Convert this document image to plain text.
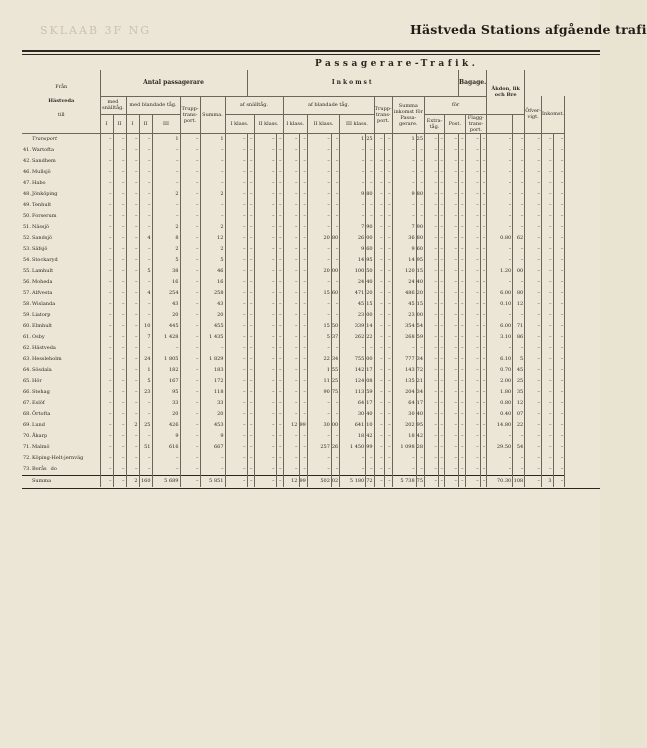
SKLAAB 3F NG	Hästveda Stations afgående trafi
Passagerare-Trafik.
Från
Hästveda
till	Antal passagerare								Inkomst																Bagage.			Åkdon, lik och Bre				
	med snälltåg.		med blandade tåg.			Trupp-trans-port.	Summa.	af snälltåg.				af blandade tåg.						Trupp-trans-port.		Summa inkomst för Passa-gerare.		för								Öfver-vigt.	Inkomst.	
	I	II	I	II	III			I klass.		II klass.		I klass.		II klass.		III klass.						Extra-tåg.		Post.		Flagg-trans-port.						
Transport	–	–	–	–	1	–	1	–	–	–	–	–	–	–	–	1	25	–	–	1	25	–	–	–	–	–	–	–	–	–	–	–
41.Wartofta	–	–	–	–	–	–	–	–	–	–	–	–	–	–	–	–	–	–	–	–	–	–	–	–	–	–	–	–	–	–	–	–
42.Sandhem	–	–	–	–	–	–	–	–	–	–	–	–	–	–	–	–	–	–	–	–	–	–	–	–	–	–	–	–	–	–	–	–
46.Mullsjö	–	–	–	–	–	–	–	–	–	–	–	–	–	–	–	–	–	–	–	–	–	–	–	–	–	–	–	–	–	–	–	–
47.Habo	–	–	–	–	–	–	–	–	–	–	–	–	–	–	–	–	–	–	–	–	–	–	–	–	–	–	–	–	–	–	–	–
48.Jönköping	–	–	–	–	2	–	2	–	–	–	–	–	–	–	–	9	80	–	–	9	80	–	–	–	–	–	–	–	–	–	–	–
49.Tenhult	–	–	–	–	–	–	–	–	–	–	–	–	–	–	–	–	–	–	–	–	–	–	–	–	–	–	–	–	–	–	–	–
50.Forserum	–	–	–	–	–	–	–	–	–	–	–	–	–	–	–	–	–	–	–	–	–	–	–	–	–	–	–	–	–	–	–	–
51.Nässjö	–	–	–	–	2	–	2	–	–	–	–	–	–	–	–	7	90	–	–	7	90	–	–	–	–	–	–	–	–	–	–	–
52.Sandsjö	–	–	–	4	8	–	12	–	–	–	–	–	–	20	80	26	00	–	–	36	80	–	–	–	–	–	–	0.80	62	–	–	–
53.Säfsjö	–	–	–	–	2	–	2	–	–	–	–	–	–	–	–	9	60	–	–	9	60	–	–	–	–	–	–	–	–	–	–	–
54.Stockaryd	–	–	–	–	5	–	5	–	–	–	–	–	–	–	–	14	95	–	–	14	95	–	–	–	–	–	–	–	–	–	–	–
55.Lamhult	–	–	–	5	38	–	46	–	–	–	–	–	–	20	00	100	50	–	–	120	15	–	–	–	–	–	–	1.20	00	–	–	–
56.Moheda	–	–	–	–	16	–	16	–	–	–	–	–	–	–	–	24	40	–	–	24	40	–	–	–	–	–	–	–	–	–	–	–
57.Alfvesta	–	–	–	4	254	–	258	–	–	–	–	–	–	15	60	471	20	–	–	486	20	–	–	–	–	–	–	6.00	80	–	–	–
58.Wislanda	–	–	–	–	43	–	43	–	–	–	–	–	–	–	–	45	15	–	–	45	15	–	–	–	–	–	–	0.10	12	–	–	–
59.Liatorp	–	–	–	–	20	–	20	–	–	–	–	–	–	–	–	23	00	–	–	23	00	–	–	–	–	–	–	–	–	–	–	–
60.Elmhult	–	–	–	10	445	–	455	–	–	–	–	–	–	15	50	339	14	–	–	354	54	–	–	–	–	–	–	6.00	71	–	–	–
61.Osby	–	–	–	7	1 428	–	1 435	–	–	–	–	–	–	5	37	262	22	–	–	268	59	–	–	–	–	–	–	3.10	86	–	–	–
62.Hästveda	–	–	–	–	–	–	–	–	–	–	–	–	–	–	–	–	–	–	–	–	–	–	–	–	–	–	–	–	–	–	–	–
63.Hessleholm	–	–	–	24	1 805	–	1 829	–	–	–	–	–	–	22	34	755	00	–	–	777	34	–	–	–	–	–	–	6.10	5	–	–	–
64.Sösdala	–	–	–	1	182	–	183	–	–	–	–	–	–	1	55	142	17	–	–	143	72	–	–	–	–	–	–	0.70	45	–	–	–
65.Hör	–	–	–	5	167	–	172	–	–	–	–	–	–	11	25	124	08	–	–	135	21	–	–	–	–	–	–	2.00	25	–	–	–
66.Stehag	–	–	–	23	95	–	118	–	–	–	–	–	–	90	75	113	59	–	–	204	34	–	–	–	–	–	–	1.80	35	–	–	–
67.Eslöf	–	–	–	–	33	–	33	–	–	–	–	–	–	–	–	64	17	–	–	64	17	–	–	–	–	–	–	0.80	12	–	–	–
68.Örtofta	–	–	–	–	20	–	20	–	–	–	–	–	–	–	–	30	40	–	–	30	40	–	–	–	–	–	–	0.40	07	–	–	–
69.Lund	–	–	2	25	426	–	453	–	–	–	–	12	99	30	00	641	10	–	–	202	95	–	–	–	–	–	–	14.80	22	–	–	–
70.Åkarp	–	–	–	–	9	–	9	–	–	–	–	–	–	–	–	18	42	–	–	18	42	–	–	–	–	–	–	–	–	–	–	–
71.Malmö	–	–	–	51	616	–	667	–	–	–	–	–	–	257	26	1 450	99	–	–	1 098	28	–	–	–	–	–	–	29.50	54	–	–	–
72.Köping-Helt-jernväg	–	–	–	–	–	–	–	–	–	–	–	–	–	–	–	–	–	–	–	–	–	–	–	–	–	–	–	–	–	–	–	–
73.Borås do	–	–	–	–	–	–	–	–	–	–	–	–	–	–	–	–	–	–	–	–	–	–	–	–	–	–	–	–	–	–	–	–
Summa	–	–	2	160	5 689	–	5 851	–	–	–	–	12	99	502	02	5 180	72	–	–	5 738	75	–	–	–	–	–	–	70.30	108	–	3	–
